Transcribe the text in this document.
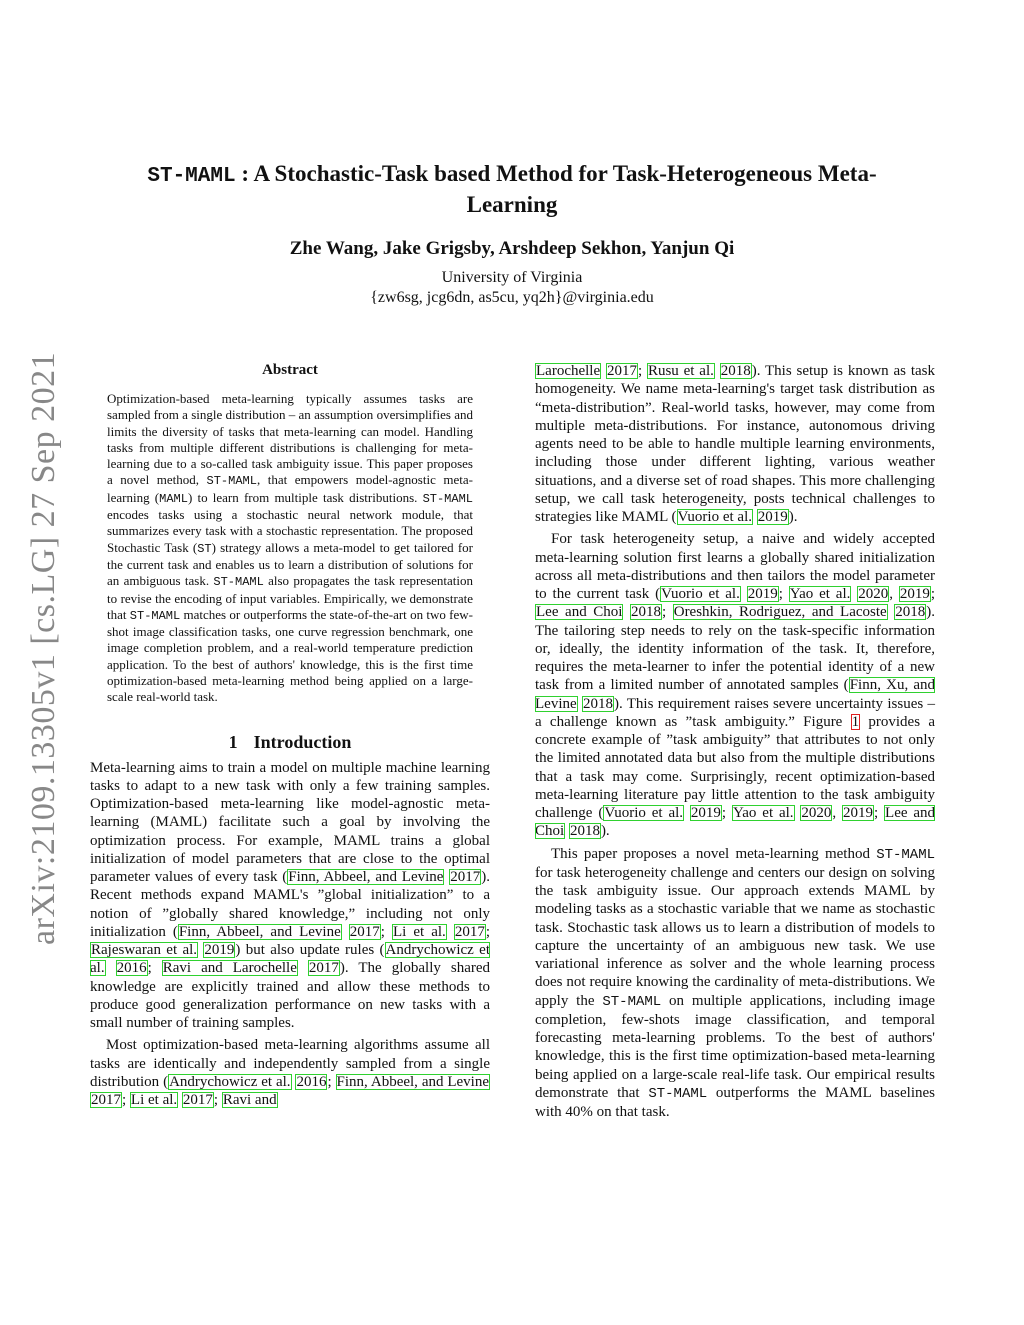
arXiv:2109.13305v1 [cs.LG] 27 Sep 2021
ST-MAML : A Stochastic-Task based Method for Task-Heterogeneous Meta-Learning
Zhe Wang, Jake Grigsby, Arshdeep Sekhon, Yanjun Qi
University of Virginia
{zw6sg, jcg6dn, as5cu, yq2h}@virginia.edu
Abstract
Optimization-based meta-learning typically assumes tasks are sampled from a single distribution – an assumption oversimplifies and limits the diversity of tasks that meta-learning can model. Handling tasks from multiple different distributions is challenging for meta-learning due to a so-called task ambiguity issue. This paper proposes a novel method, ST-MAML, that empowers model-agnostic meta-learning (MAML) to learn from multiple task distributions. ST-MAML encodes tasks using a stochastic neural network module, that summarizes every task with a stochastic representation. The proposed Stochastic Task (ST) strategy allows a meta-model to get tailored for the current task and enables us to learn a distribution of solutions for an ambiguous task. ST-MAML also propagates the task representation to revise the encoding of input variables. Empirically, we demonstrate that ST-MAML matches or outperforms the state-of-the-art on two few-shot image classification tasks, one curve regression benchmark, one image completion problem, and a real-world temperature prediction application. To the best of authors' knowledge, this is the first time optimization-based meta-learning method being applied on a large-scale real-world task.
1 Introduction

Meta-learning aims to train a model on multiple machine learning tasks to adapt to a new task with only a few training samples. Optimization-based meta-learning like model-agnostic meta-learning (MAML) facilitate such a goal by involving the optimization process. For example, MAML trains a global initialization of model parameters that are close to the optimal parameter values of every task (Finn, Abbeel, and Levine 2017). Recent methods expand MAML's ”global initialization” to a notion of ”globally shared knowledge,” including not only initialization (Finn, Abbeel, and Levine 2017; Li et al. 2017; Rajeswaran et al. 2019) but also update rules (Andrychowicz et al. 2016; Ravi and Larochelle 2017). The globally shared knowledge are explicitly trained and allow these methods to produce good generalization performance on new tasks with a small number of training samples.

Most optimization-based meta-learning algorithms assume all tasks are identically and independently sampled from a single distribution (Andrychowicz et al. 2016; Finn, Abbeel, and Levine 2017; Li et al. 2017; Ravi and

Larochelle 2017; Rusu et al. 2018). This setup is known as task homogeneity. We name meta-learning's target task distribution as “meta-distribution”. Real-world tasks, however, may come from multiple meta-distributions. For instance, autonomous driving agents need to be able to handle multiple learning environments, including those under different lighting, various weather situations, and a diverse set of road shapes. This more challenging setup, we call task heterogeneity, posts technical challenges to strategies like MAML (Vuorio et al. 2019).

For task heterogeneity setup, a naive and widely accepted meta-learning solution first learns a globally shared initialization across all meta-distributions and then tailors the model parameter to the current task (Vuorio et al. 2019; Yao et al. 2020, 2019; Lee and Choi 2018; Oreshkin, Rodriguez, and Lacoste 2018). The tailoring step needs to rely on the task-specific information or, ideally, the identity information of the task. It, therefore, requires the meta-learner to infer the potential identity of a new task from a limited number of annotated samples (Finn, Xu, and Levine 2018). This requirement raises severe uncertainty issues – a challenge known as ”task ambiguity.” Figure 1 provides a concrete example of ”task ambiguity” that attributes to not only the limited annotated data but also from the multiple distributions that a task may come. Surprisingly, recent optimization-based meta-learning literature pay little attention to the task ambiguity challenge (Vuorio et al. 2019; Yao et al. 2020, 2019; Lee and Choi 2018).

This paper proposes a novel meta-learning method ST-MAML for task heterogeneity challenge and centers our design on solving the task ambiguity issue. Our approach extends MAML by modeling tasks as a stochastic variable that we name as stochastic task. Stochastic task allows us to learn a distribution of models to capture the uncertainty of an ambiguous new task. We use variational inference as solver and the whole learning process does not require knowing the cardinality of meta-distributions. We apply the ST-MAML on multiple applications, including image completion, few-shots image classification, and temporal forecasting meta-learning problems. To the best of authors' knowledge, this is the first time optimization-based meta-learning being applied on a large-scale real-life task. Our empirical results demonstrate that ST-MAML outperforms the MAML baselines with 40% on that task.
